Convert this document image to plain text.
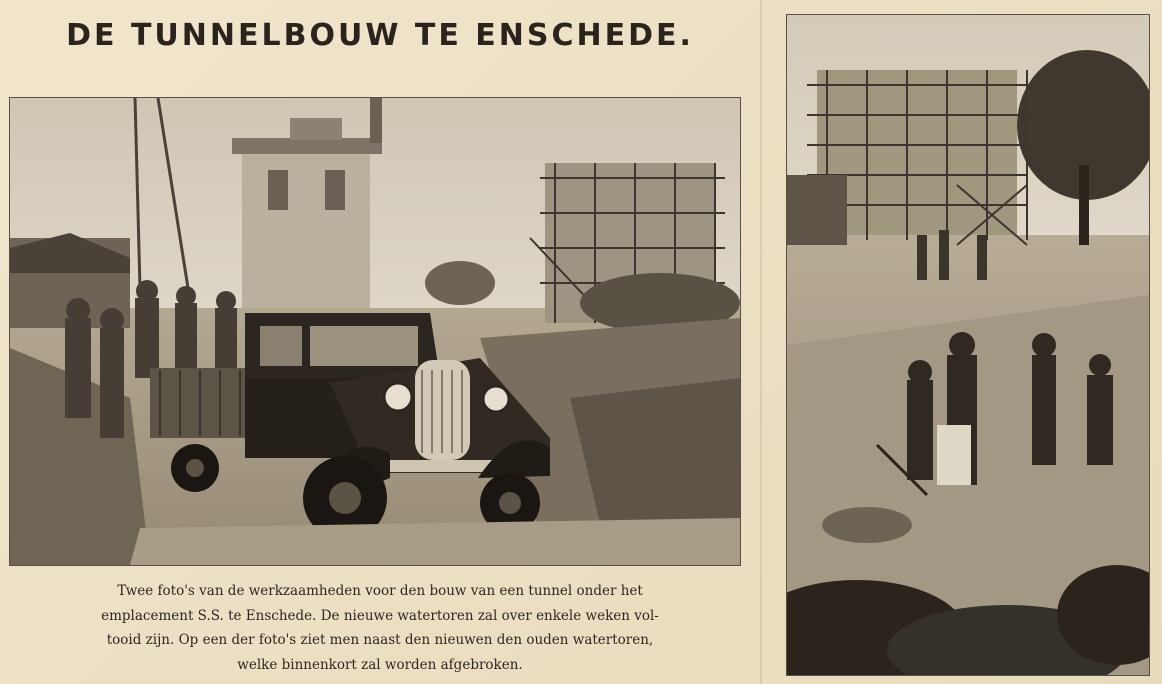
DE TUNNELBOUW TE ENSCHEDE.
Twee foto's van de werkzaamheden voor den bouw van een tunnel onder het
emplacement S.S. te Enschede. De nieuwe watertoren zal over enkele weken vol-
tooid zijn. Op een der foto's ziet men naast den nieuwen den ouden watertoren,
welke binnenkort zal worden afgebroken.
